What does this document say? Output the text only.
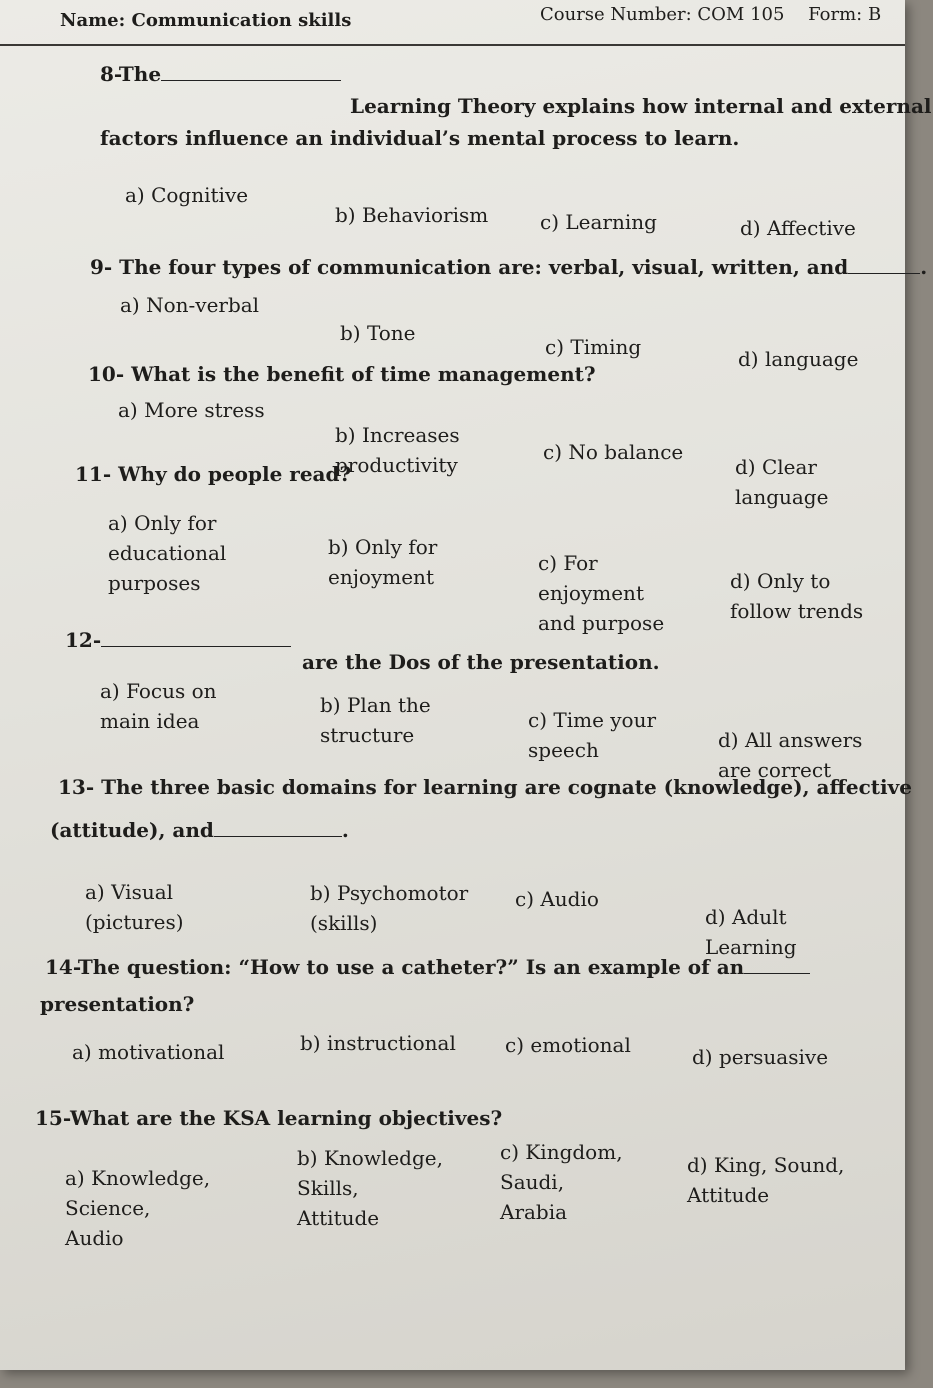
Name: Communication skills	Course Number: COM 105 Form: B
8-The
Learning Theory explains how internal and external
factors influence an individual’s mental process to learn.
a) Cognitive
b) Behaviorism	c) Learning	d) Affective
9- The four types of communication are: verbal, visual, written, and	.
a) Non-verbal
b) Tone
c) Timing	d) language
10- What is the benefit of time management?
a) More stress
b) Increases
productivity
c) No balance
d) Clear
language
11- Why do people read?
a) Only for
educational
purposes
b) Only for
enjoyment
c) For
enjoyment
and purpose
d) Only to
follow trends
12-
are the Dos of the presentation.
a) Focus on
main idea
b) Plan the
structure
c) Time your
speech	d) All answers
are correct
13- The three basic domains for learning are cognate (knowledge), affective
(attitude), and	.
a) Visual
(pictures)
b) Psychomotor
(skills)
c) Audio
d) Adult
Learning
14-The question: “How to use a catheter?” Is an example of an
presentation?
a) motivational	b) instructional c) emotional	d) persuasive
15-What are the KSA learning objectives?
a) Knowledge,
Science,
Audio
b) Knowledge,
Skills,
Attitude
c) Kingdom,
Saudi,
Arabia
d) King, Sound,
Attitude
